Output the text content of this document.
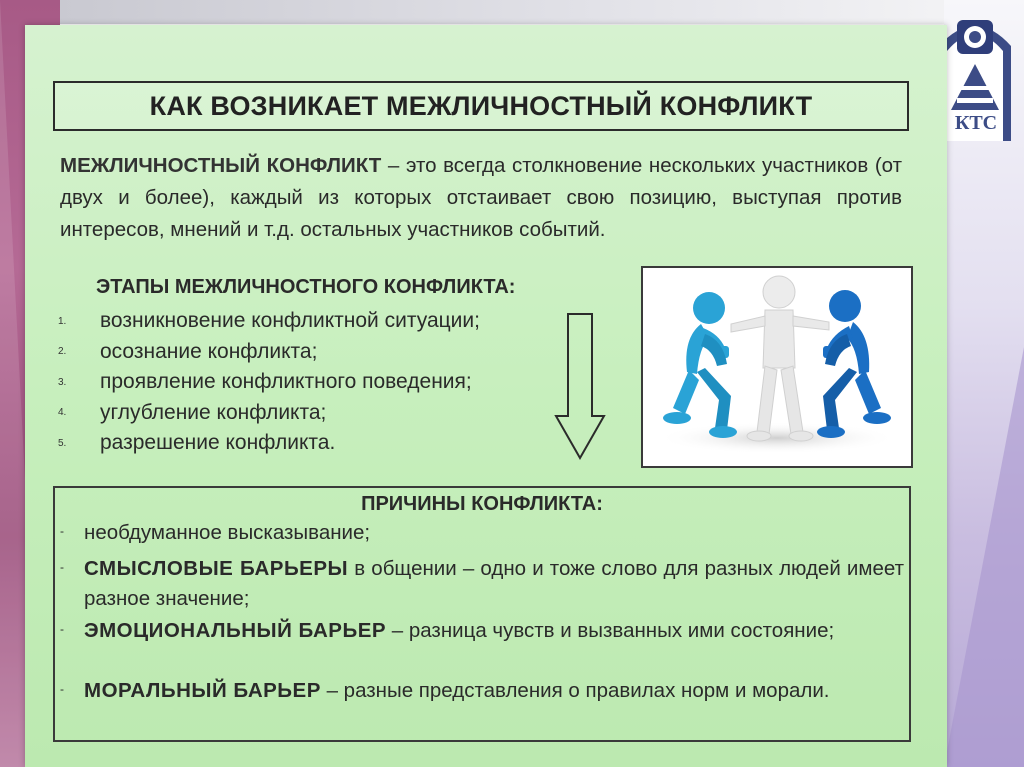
КТС
КАК ВОЗНИКАЕТ МЕЖЛИЧНОСТНЫЙ КОНФЛИКТ
МЕЖЛИЧНОСТНЫЙ КОНФЛИКТ – это всегда столкновение нескольких участников (от двух и более), каждый из которых отстаивает свою позицию, выступая против интересов, мнений и т.д. остальных участников событий.
ЭТАПЫ МЕЖЛИЧНОСТНОГО КОНФЛИКТА:
1.	возникновение конфликтной ситуации;
2.	осознание конфликта;
3.	проявление конфликтного поведения;
4.	углубление конфликта;
5.	разрешение конфликта.
ПРИЧИНЫ КОНФЛИКТА:
- необдуманное высказывание;
- СМЫСЛОВЫЕ БАРЬЕРЫ в общении – одно и тоже слово для разных людей имеет разное значение;
- ЭМОЦИОНАЛЬНЫЙ БАРЬЕР – разница чувств и вызванных ими состояние;
- МОРАЛЬНЫЙ БАРЬЕР – разные представления о правилах норм и морали.
